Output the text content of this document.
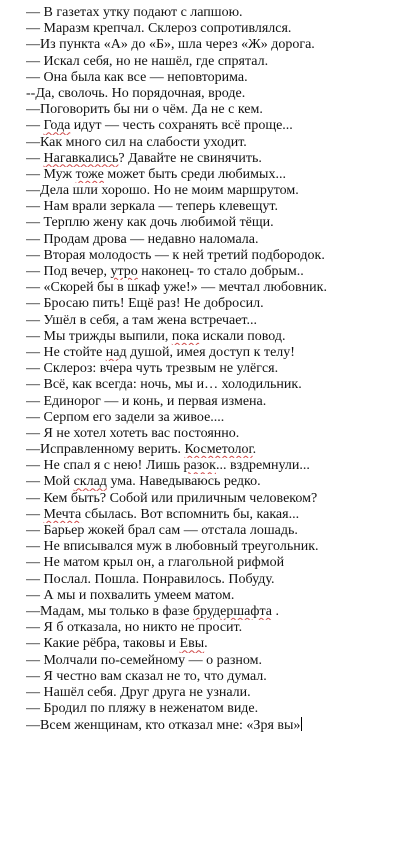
— В газетах утку подают с лапшою.
— Маразм крепчал. Склероз сопротивлялся.
—Из пункта «А» до «Б», шла через «Ж» дорога.
— Искал себя, но не нашёл, где спрятал.
— Она была как все — неповторима.
--Да, сволочь. Но порядочная, вроде.
—Поговорить бы ни о чём. Да не с кем.
— Года идут — честь сохранять всё проще...
—Как много сил на слабости уходит.
— Нагавкались? Давайте не свинячить.
— Муж тоже может быть среди любимых...
—Дела шли хорошо. Но не моим маршрутом.
— Нам врали зеркала — теперь клевещут.
— Терплю жену как дочь любимой тёщи.
— Продам дрова — недавно наломала.
— Вторая молодость — к ней третий подбородок.
— Под вечер, утро наконец- то стало добрым..
— «Скорей бы в шкаф уже!» — мечтал любовник.
— Бросаю пить! Ещё раз! Не добросил.
— Ушёл в себя, а там жена встречает...
— Мы трижды выпили, пока искали повод.
— Не стойте над душой, имея доступ к телу!
— Склероз: вчера чуть трезвым не улёгся.
— Всё, как всегда: ночь, мы и… холодильник.
— Единорог — и конь, и первая измена.
— Серпом его задели за живое....
— Я не хотел хотеть вас постоянно.
—Исправленному верить. Косметолог.
— Не спал я с нею! Лишь разок... вздремнули...
— Мой склад ума. Наведываюсь редко.
— Кем быть? Собой или приличным человеком?
— Мечта сбылась. Вот вспомнить бы, какая...
— Барьер жокей брал сам — отстала лошадь.
— Не вписывался муж в любовный треугольник.
— Не матом крыл он, а глагольной рифмой
— Послал. Пошла. Понравилось. Побуду.
— А мы и похвалить умеем матом.
—Мадам, мы только в фазе брудершафта .
— Я б отказала, но никто не просит.
— Какие рёбра, таковы и Евы.
— Молчали по-семейному — о разном.
— Я честно вам сказал не то, что думал.
— Нашёл себя. Друг друга не узнали.
— Бродил по пляжу в неженатом виде.
—Всем женщинам, кто отказал мне: «Зря вы»
